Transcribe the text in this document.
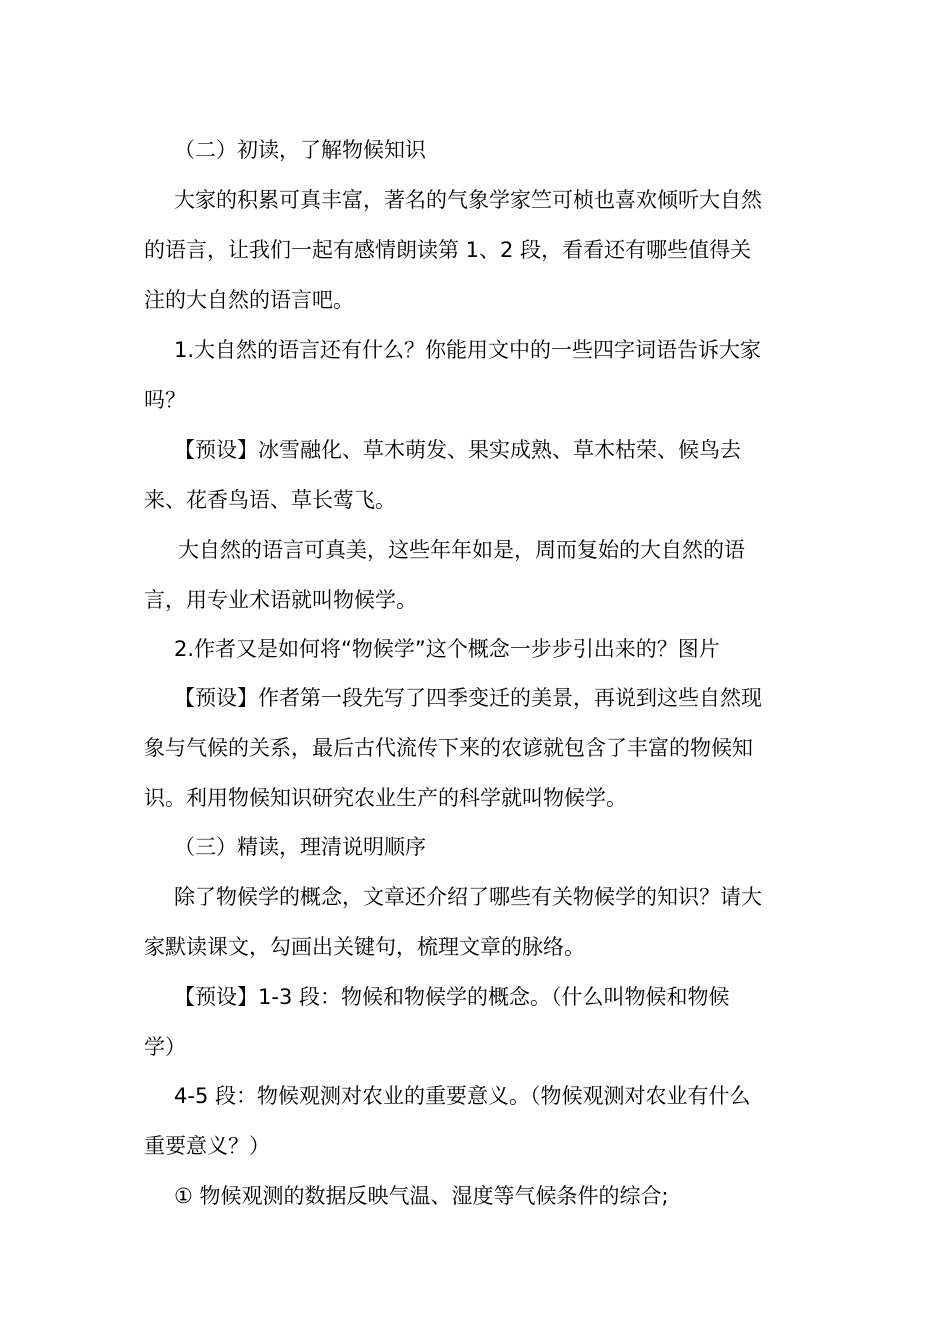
（二）初读，了解物候知识
大家的积累可真丰富，著名的气象学家竺可桢也喜欢倾听大自然
的语言，让我们一起有感情朗读第 1、2 段，看看还有哪些值得关
注的大自然的语言吧。
1.大自然的语言还有什么？你能用文中的一些四字词语告诉大家
吗？
【预设】冰雪融化、草木萌发、果实成熟、草木枯荣、候鸟去
来、花香鸟语、草长莺飞。
大自然的语言可真美，这些年年如是，周而复始的大自然的语
言，用专业术语就叫物候学。
2.作者又是如何将“物候学”这个概念一步步引出来的？图片
【预设】作者第一段先写了四季变迁的美景，再说到这些自然现
象与气候的关系，最后古代流传下来的农谚就包含了丰富的物候知
识。利用物候知识研究农业生产的科学就叫物候学。
（三）精读，理清说明顺序
除了物候学的概念，文章还介绍了哪些有关物候学的知识？请大
家默读课文，勾画出关键句，梳理文章的脉络。
【预设】1-3 段：物候和物候学的概念。（什么叫物候和物候
学）
4-5 段：物候观测对农业的重要意义。（物候观测对农业有什么
重要意义？）
① 物候观测的数据反映气温、湿度等气候条件的综合;
